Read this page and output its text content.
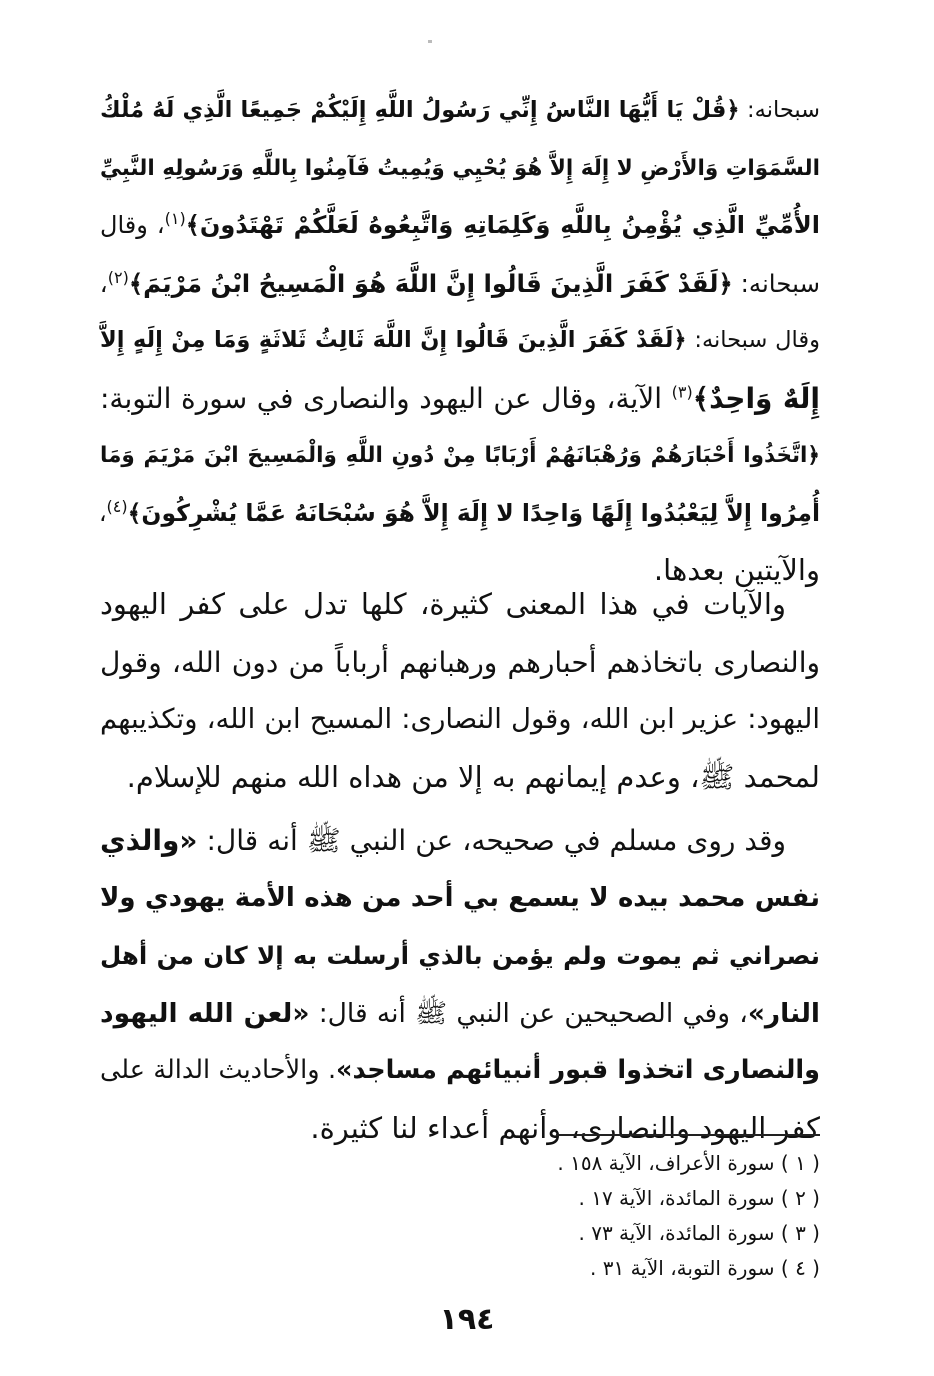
سبحانه: ﴿قُلْ يَا أَيُّهَا النَّاسُ إِنِّي رَسُولُ اللَّهِ إِلَيْكُمْ جَمِيعًا الَّذِي لَهُ مُلْكُ
السَّمَوَاتِ وَالأَرْضِ لا إِلَهَ إِلاَّ هُوَ يُحْيِي وَيُمِيتُ فَآمِنُوا بِاللَّهِ وَرَسُولِهِ النَّبِيِّ
الأُمِّيِّ الَّذِي يُؤْمِنُ بِاللَّهِ وَكَلِمَاتِهِ وَاتَّبِعُوهُ لَعَلَّكُمْ تَهْتَدُونَ﴾$^{(١)}$، وقال
سبحانه: ﴿لَقَدْ كَفَرَ الَّذِينَ قَالُوا إِنَّ اللَّهَ هُوَ الْمَسِيحُ ابْنُ مَرْيَمَ﴾$^{(٢)}$،
وقال سبحانه: ﴿لَقَدْ كَفَرَ الَّذِينَ قَالُوا إِنَّ اللَّهَ ثَالِثُ ثَلاثَةٍ وَمَا مِنْ إِلَهٍ إِلاَّ
إِلَهٌ وَاحِدٌ﴾$^{(٣)}$ الآية، وقال عن اليهود والنصارى في سورة التوبة:
﴿اتَّخَذُوا أَحْبَارَهُمْ وَرُهْبَانَهُمْ أَرْبَابًا مِنْ دُونِ اللَّهِ وَالْمَسِيحَ ابْنَ مَرْيَمَ وَمَا
أُمِرُوا إِلاَّ لِيَعْبُدُوا إِلَهًا وَاحِدًا لا إِلَهَ إِلاَّ هُوَ سُبْحَانَهُ عَمَّا يُشْرِكُونَ﴾$^{(٤)}$،
والآيتين بعدها.
والآيات في هذا المعنى كثيرة، كلها تدل على كفر اليهود
والنصارى باتخاذهم أحبارهم ورهبانهم أرباباً من دون الله، وقول
اليهود: عزير ابن الله، وقول النصارى: المسيح ابن الله، وتكذيبهم
لمحمد ﷺ، وعدم إيمانهم به إلا من هداه الله منهم للإسلام.
وقد روى مسلم في صحيحه، عن النبي ﷺ أنه قال: «والذي
نفس محمد بيده لا يسمع بي أحد من هذه الأمة يهودي ولا
نصراني ثم يموت ولم يؤمن بالذي أرسلت به إلا كان من أهل
النار»، وفي الصحيحين عن النبي ﷺ أنه قال: «لعن الله اليهود
والنصارى اتخذوا قبور أنبيائهم مساجد». والأحاديث الدالة على
كفر اليهود والنصارى، وأنهم أعداء لنا كثيرة.
( ١ ) سورة الأعراف، الآية ١٥٨ .
( ٢ ) سورة المائدة، الآية ١٧ .
( ٣ ) سورة المائدة، الآية ٧٣ .
( ٤ ) سورة التوبة، الآية ٣١ .
١٩٤
